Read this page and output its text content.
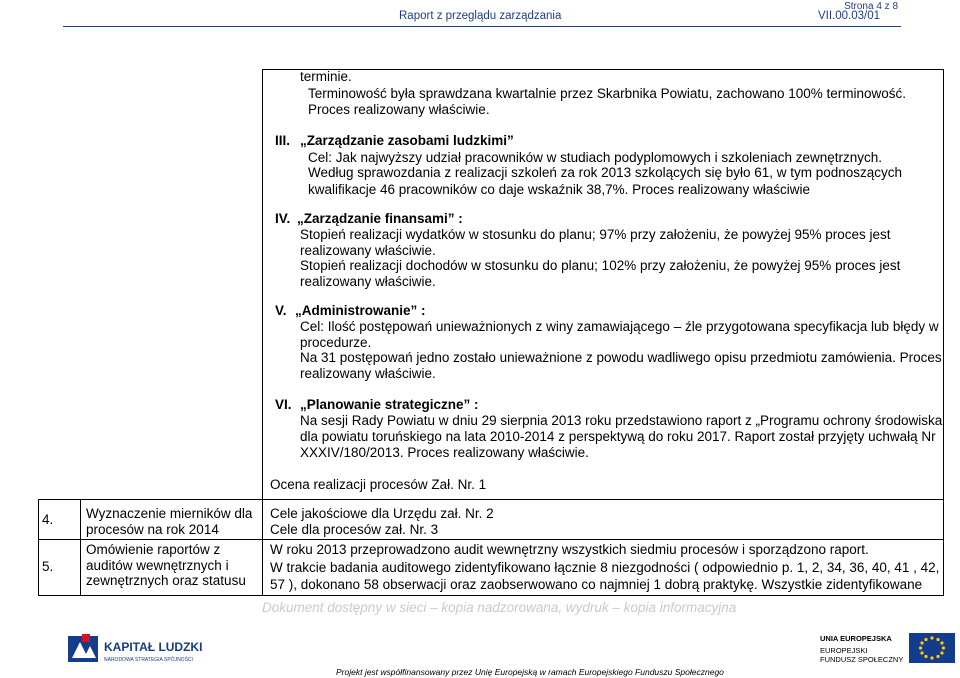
Strona 4 z 8
Raport z przeglądu zarządzania	VII.00.03/01
terminie.
Terminowość była sprawdzana kwartalnie przez Skarbnika Powiatu, zachowano 100% terminowość.
Proces realizowany właściwie.
III. „Zarządzanie zasobami ludzkimi”
Cel: Jak najwyższy udział pracowników w studiach podyplomowych i szkoleniach zewnętrznych.
Według sprawozdania z realizacji szkoleń za rok 2013 szkolących się było 61, w tym podnoszących
kwalifikacje 46 pracowników co daje wskaźnik 38,7%. Proces realizowany właściwie
IV. „Zarządzanie finansami” :
Stopień realizacji wydatków w stosunku do planu; 97% przy założeniu, że powyżej 95% proces jest
realizowany właściwie.
Stopień realizacji dochodów w stosunku do planu; 102% przy założeniu, że powyżej 95% proces jest
realizowany właściwie.
V. „Administrowanie” :
Cel: Ilość postępowań unieważnionych z winy zamawiającego – źle przygotowana specyfikacja lub błędy w
procedurze.
Na 31 postępowań jedno zostało unieważnione z powodu wadliwego opisu przedmiotu zamówienia. Proces
realizowany właściwie.
VI. „Planowanie strategiczne” :
Na sesji Rady Powiatu w dniu 29 sierpnia 2013 roku przedstawiono raport z „Programu ochrony środowiska
dla powiatu toruńskiego na lata 2010-2014 z perspektywą do roku 2017. Raport został przyjęty uchwałą Nr
XXXIV/180/2013. Proces realizowany właściwie.
Ocena realizacji procesów Zał. Nr. 1
4. Wyznaczenie mierników dla
procesów na rok 2014
Cele jakościowe dla Urzędu zał. Nr. 2
Cele dla procesów zał. Nr. 3
5.
Omówienie raportów z
auditów wewnętrznych i
zewnętrznych oraz statusu
W roku 2013 przeprowadzono audit wewnętrzny wszystkich siedmiu procesów i sporządzono raport.
W trakcie badania auditowego zidentyfikowano łącznie 8 niezgodności ( odpowiednio p. 1, 2, 34, 36, 40, 41 , 42,
57 ), dokonano 58 obserwacji oraz zaobserwowano co najmniej 1 dobrą praktykę. Wszystkie zidentyfikowane
Dokument dostępny w sieci – kopia nadzorowana, wydruk – kopia informacyjna
KAPITAŁ LUDZKI
NARODOWA STRATEGIA SPÓJNOŚCI
UNIA EUROPEJSKA
EUROPEJSKI
FUNDUSZ SPOŁECZNY
Projekt jest współfinansowany przez Unię Europejską w ramach Europejskiego Funduszu Społecznego
